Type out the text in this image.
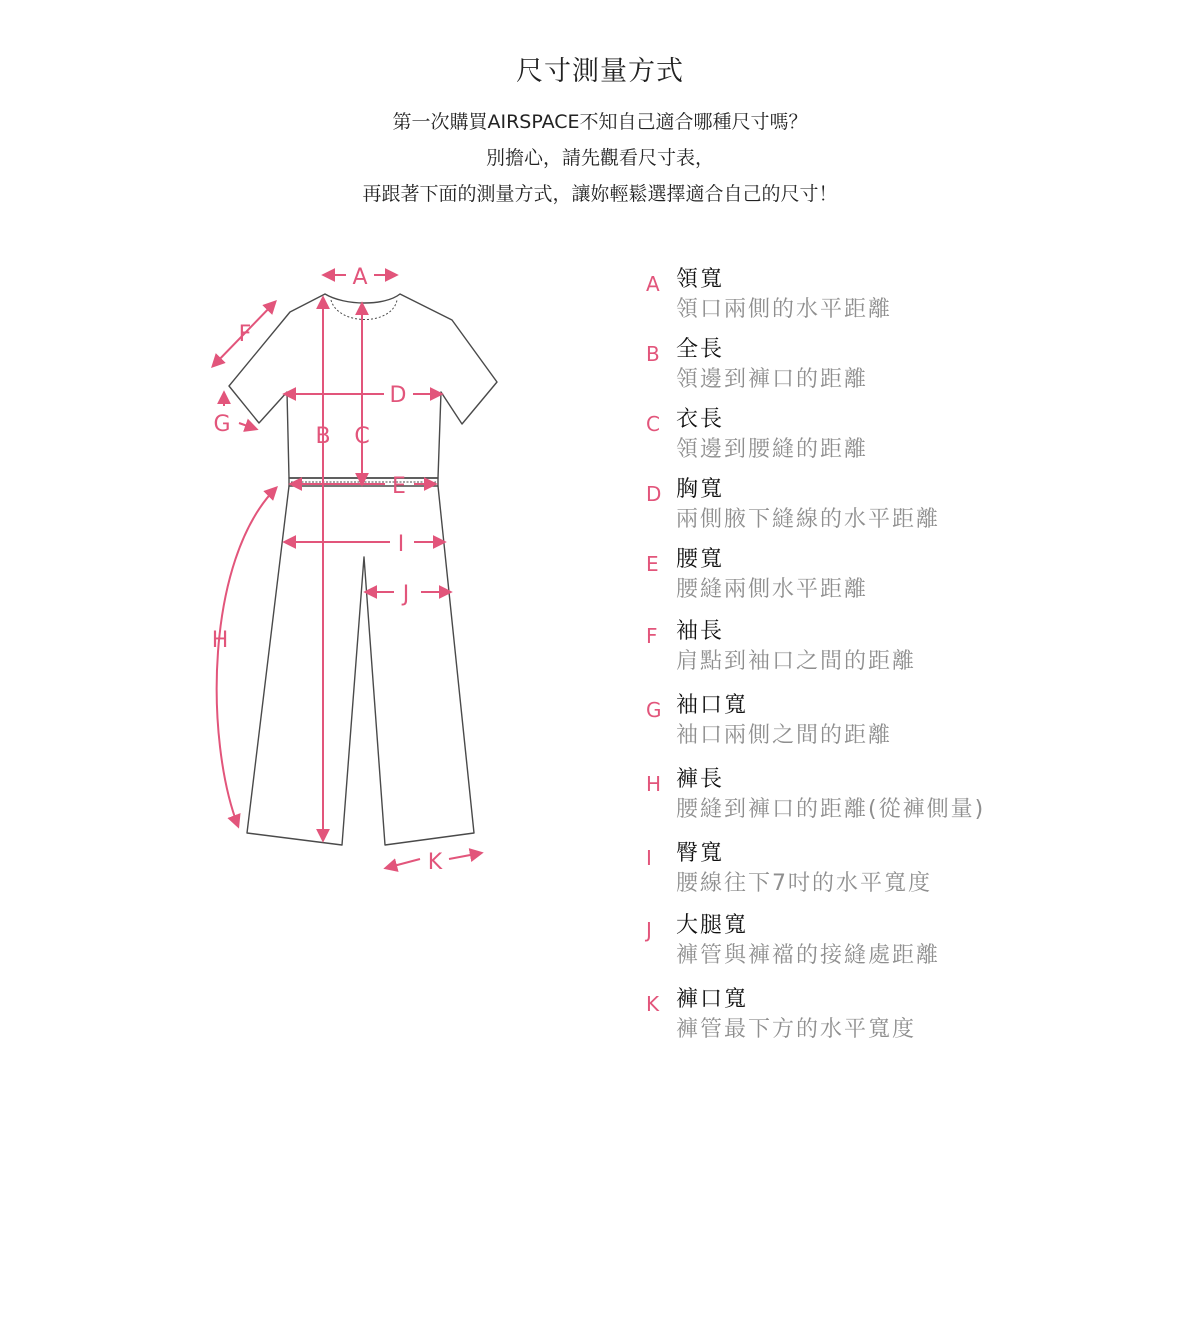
尺寸測量方式
第一次購買AIRSPACE不知自己適合哪種尺寸嗎？
別擔心，請先觀看尺寸表，
再跟著下面的測量方式，讓妳輕鬆選擇適合自己的尺寸！
A
F
G	B C
D
E
I
J
H
K
A 領寬
領口兩側的水平距離
B 全長
領邊到褲口的距離
C 衣長
領邊到腰縫的距離
D 胸寬
兩側腋下縫線的水平距離
E 腰寬
腰縫兩側水平距離
F 袖長
肩點到袖口之間的距離
G 袖口寬
袖口兩側之間的距離
H 褲長
腰縫到褲口的距離(從褲側量)
I	臀寬
腰線往下7吋的水平寬度
J	大腿寬
褲管與褲襠的接縫處距離
K 褲口寬
褲管最下方的水平寬度
